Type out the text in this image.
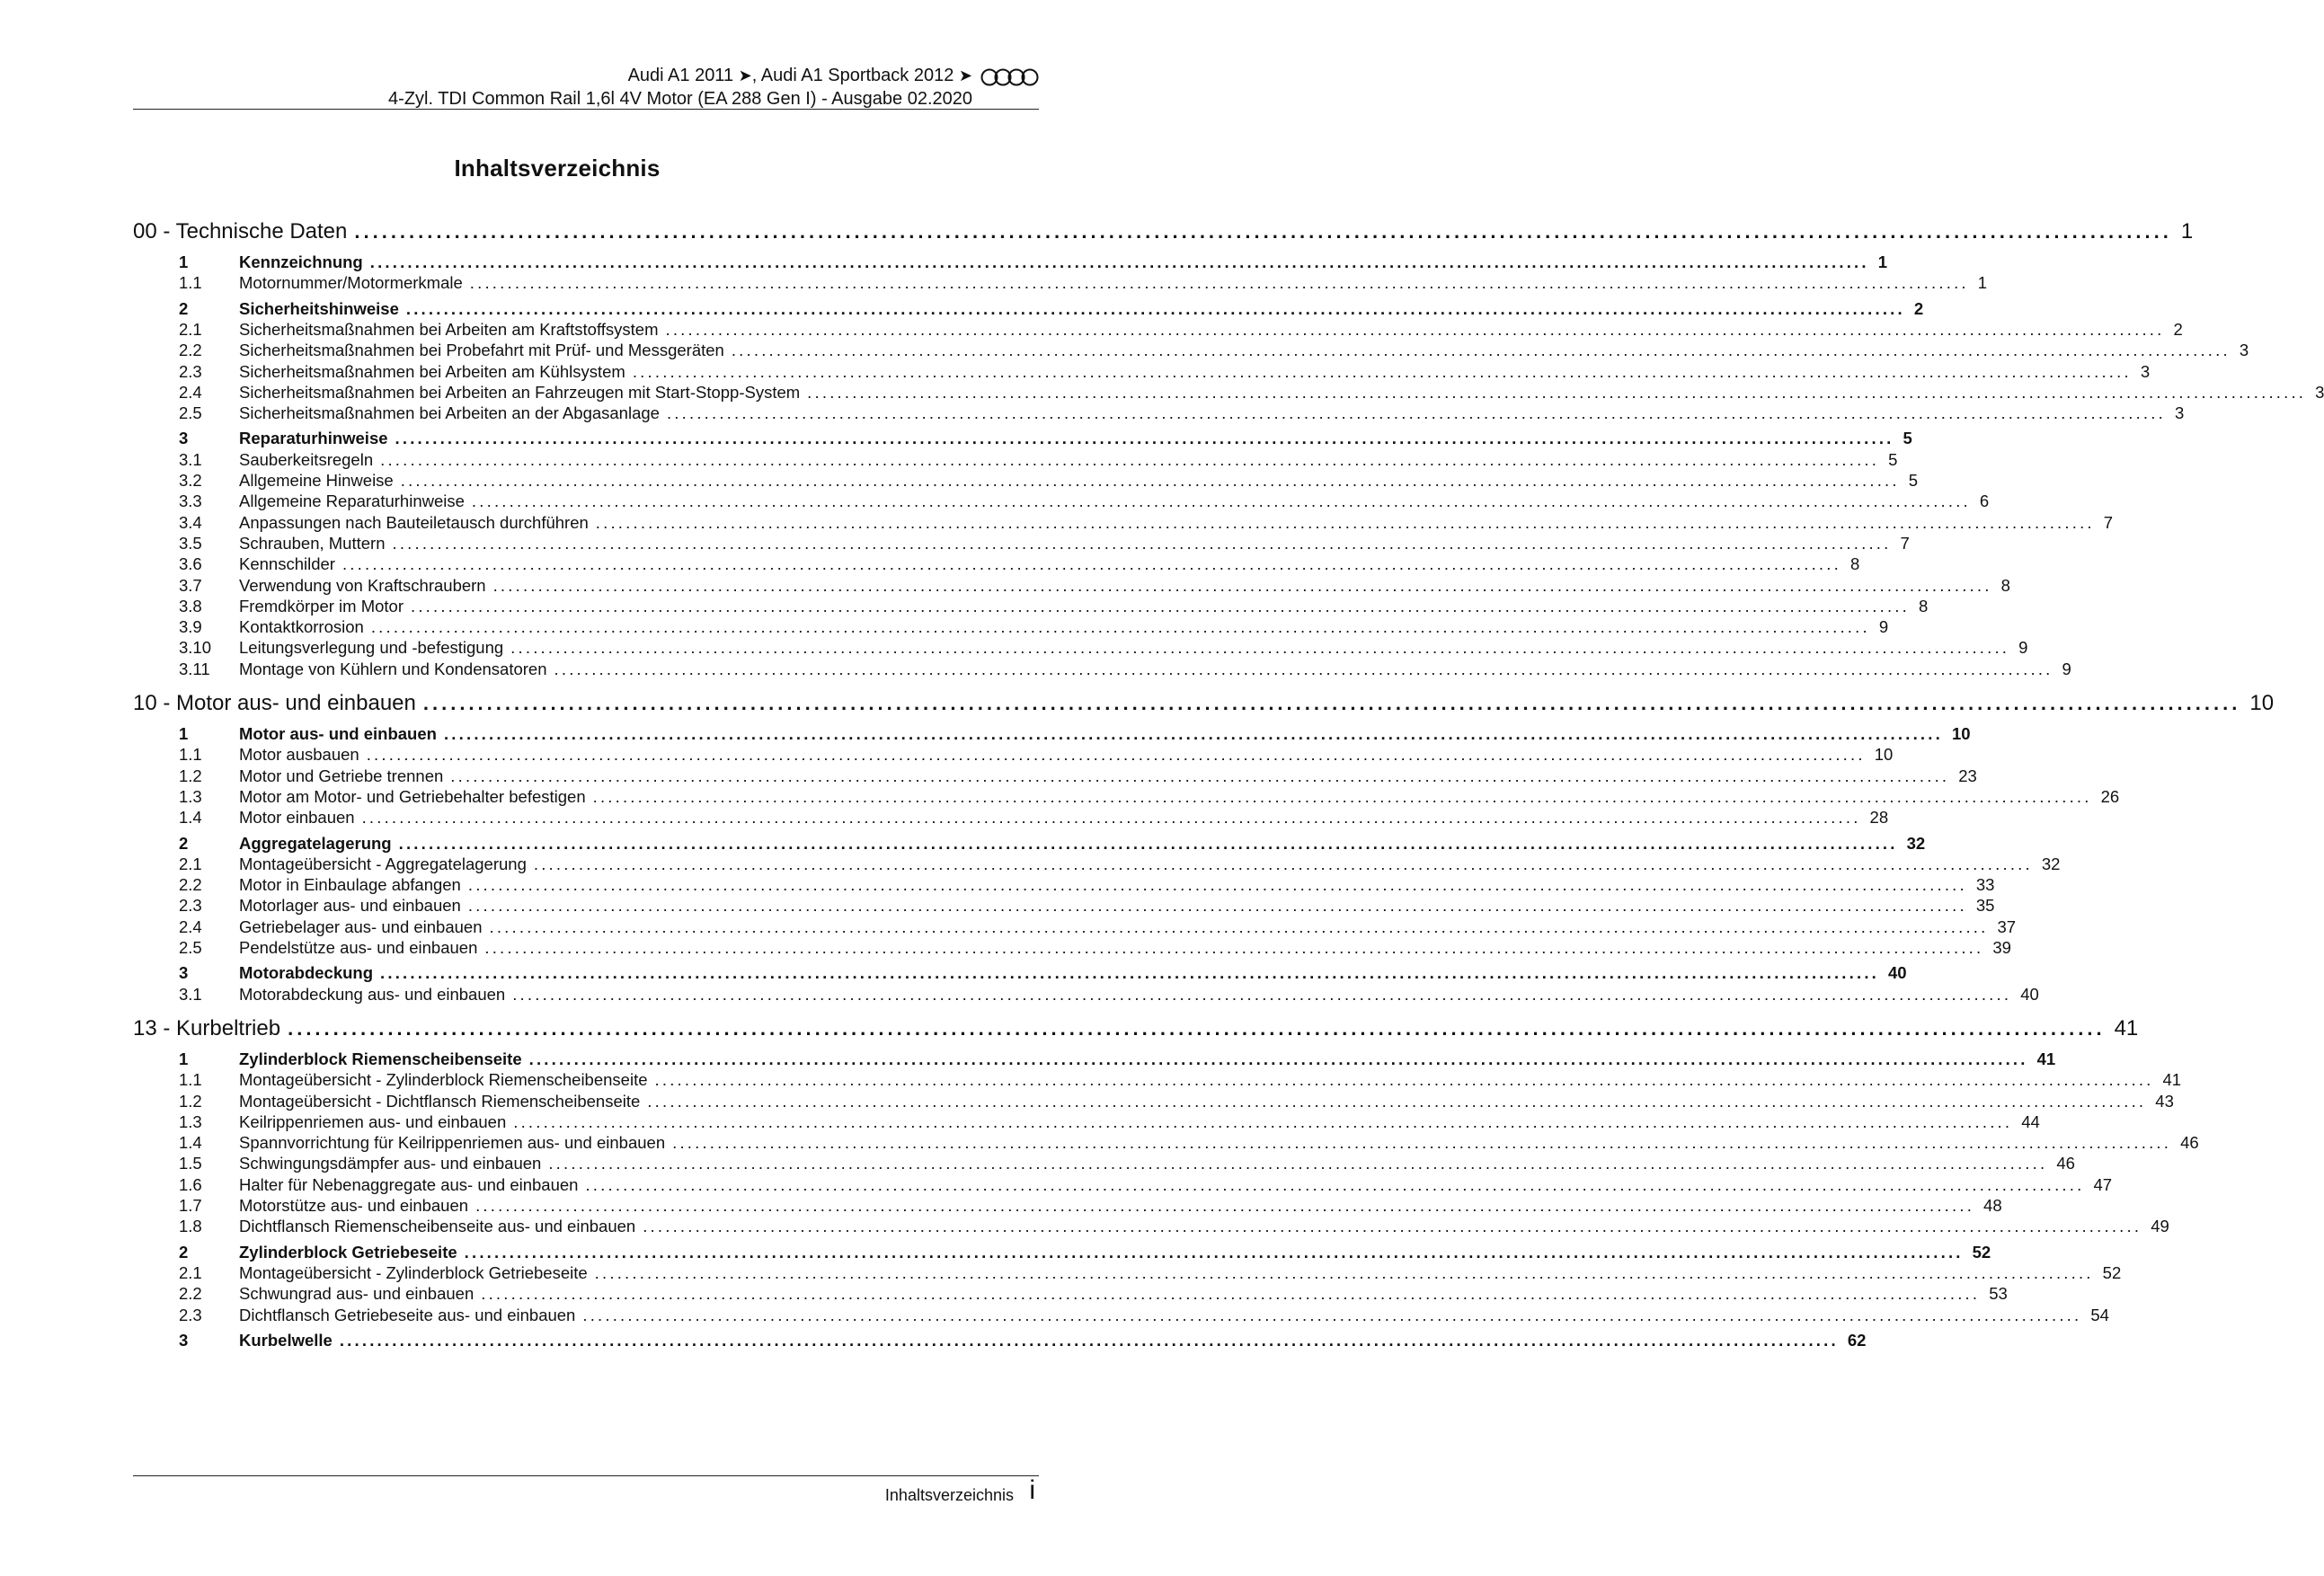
Audi A1 2011 ➤, Audi A1 Sportback 2012 ➤
4-Zyl. TDI Common Rail 1,6l 4V Motor (EA 288 Gen I) - Ausgabe 02.2020
Inhaltsverzeichnis
00 - Technische Daten ........................................................................................................................................................................................................ 1
1	Kennzeichnung ........................................................................................................................................................................................................ 1
1.1	Motornummer/Motormerkmale ........................................................................................................................................................................................................ 1
2	Sicherheitshinweise ........................................................................................................................................................................................................ 2
2.1	Sicherheitsmaßnahmen bei Arbeiten am Kraftstoffsystem ........................................................................................................................................................................................................ 2
2.2	Sicherheitsmaßnahmen bei Probefahrt mit Prüf- und Messgeräten ........................................................................................................................................................................................................ 3
2.3	Sicherheitsmaßnahmen bei Arbeiten am Kühlsystem ........................................................................................................................................................................................................ 3
2.4	Sicherheitsmaßnahmen bei Arbeiten an Fahrzeugen mit Start-Stopp-System ........................................................................................................................................................................................................ 3
2.5	Sicherheitsmaßnahmen bei Arbeiten an der Abgasanlage ........................................................................................................................................................................................................ 3
3	Reparaturhinweise ........................................................................................................................................................................................................ 5
3.1	Sauberkeitsregeln ........................................................................................................................................................................................................ 5
3.2	Allgemeine Hinweise ........................................................................................................................................................................................................ 5
3.3	Allgemeine Reparaturhinweise ........................................................................................................................................................................................................ 6
3.4	Anpassungen nach Bauteiletausch durchführen ........................................................................................................................................................................................................ 7
3.5	Schrauben, Muttern ........................................................................................................................................................................................................ 7
3.6	Kennschilder ........................................................................................................................................................................................................ 8
3.7	Verwendung von Kraftschraubern ........................................................................................................................................................................................................ 8
3.8	Fremdkörper im Motor ........................................................................................................................................................................................................ 8
3.9	Kontaktkorrosion ........................................................................................................................................................................................................ 9
3.10	Leitungsverlegung und -befestigung ........................................................................................................................................................................................................ 9
3.11	Montage von Kühlern und Kondensatoren ........................................................................................................................................................................................................ 9
10 - Motor aus- und einbauen ........................................................................................................................................................................................................ 10
1	Motor aus- und einbauen ........................................................................................................................................................................................................ 10
1.1	Motor ausbauen ........................................................................................................................................................................................................ 10
1.2	Motor und Getriebe trennen ........................................................................................................................................................................................................ 23
1.3	Motor am Motor- und Getriebehalter befestigen ........................................................................................................................................................................................................ 26
1.4	Motor einbauen ........................................................................................................................................................................................................ 28
2	Aggregatelagerung ........................................................................................................................................................................................................ 32
2.1	Montageübersicht - Aggregatelagerung ........................................................................................................................................................................................................ 32
2.2	Motor in Einbaulage abfangen ........................................................................................................................................................................................................ 33
2.3	Motorlager aus- und einbauen ........................................................................................................................................................................................................ 35
2.4	Getriebelager aus- und einbauen ........................................................................................................................................................................................................ 37
2.5	Pendelstütze aus- und einbauen ........................................................................................................................................................................................................ 39
3	Motorabdeckung ........................................................................................................................................................................................................ 40
3.1	Motorabdeckung aus- und einbauen ........................................................................................................................................................................................................ 40
13 - Kurbeltrieb ........................................................................................................................................................................................................ 41
1	Zylinderblock Riemenscheibenseite ........................................................................................................................................................................................................ 41
1.1	Montageübersicht - Zylinderblock Riemenscheibenseite ........................................................................................................................................................................................................ 41
1.2	Montageübersicht - Dichtflansch Riemenscheibenseite ........................................................................................................................................................................................................ 43
1.3	Keilrippenriemen aus- und einbauen ........................................................................................................................................................................................................ 44
1.4	Spannvorrichtung für Keilrippenriemen aus- und einbauen ........................................................................................................................................................................................................ 46
1.5	Schwingungsdämpfer aus- und einbauen ........................................................................................................................................................................................................ 46
1.6	Halter für Nebenaggregate aus- und einbauen ........................................................................................................................................................................................................ 47
1.7	Motorstütze aus- und einbauen ........................................................................................................................................................................................................ 48
1.8	Dichtflansch Riemenscheibenseite aus- und einbauen ........................................................................................................................................................................................................ 49
2	Zylinderblock Getriebeseite ........................................................................................................................................................................................................ 52
2.1	Montageübersicht - Zylinderblock Getriebeseite ........................................................................................................................................................................................................ 52
2.2	Schwungrad aus- und einbauen ........................................................................................................................................................................................................ 53
2.3	Dichtflansch Getriebeseite aus- und einbauen ........................................................................................................................................................................................................ 54
3	Kurbelwelle ........................................................................................................................................................................................................ 62
Inhaltsverzeichnis i
